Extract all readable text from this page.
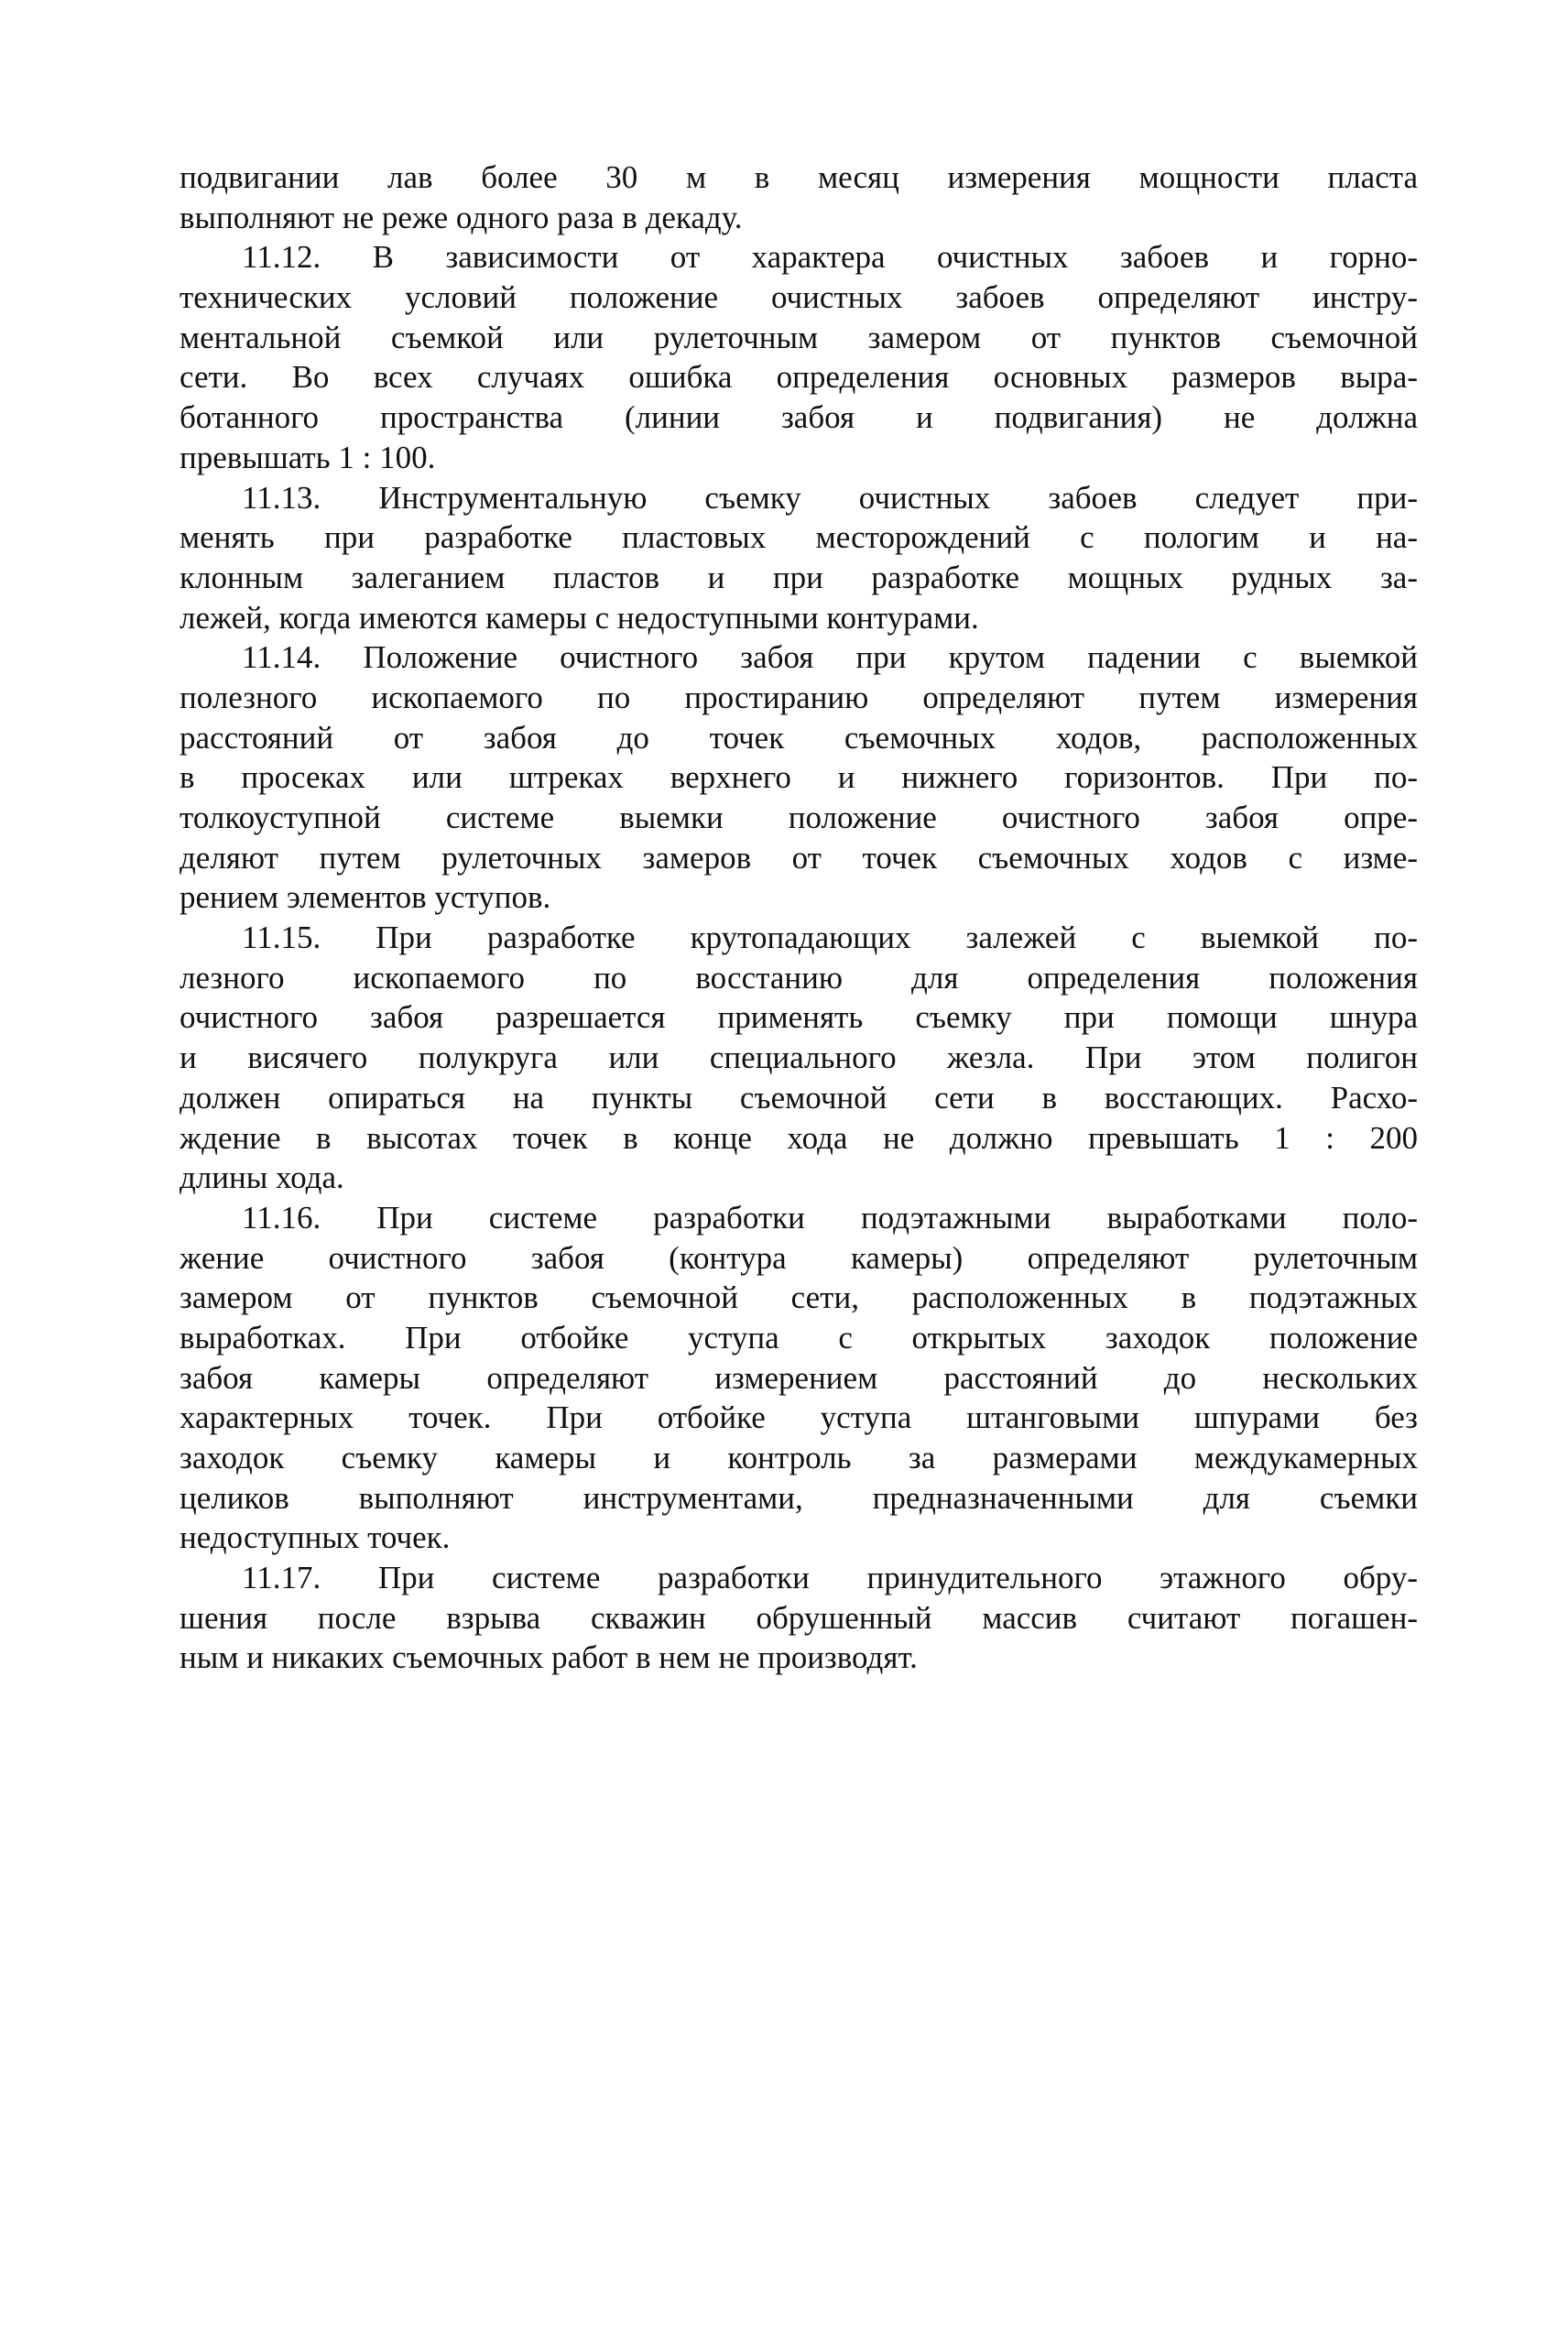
подвигании лав более 30 м в месяц измерения мощности пласта
выполняют не реже одного раза в декаду.
11.12. В зависимости от характера очистных забоев и горно-
технических условий положение очистных забоев определяют инстру-
ментальной съемкой или рулеточным замером от пунктов съемочной
сети. Во всех случаях ошибка определения основных размеров выра-
ботанного пространства (линии забоя и подвигания) не должна
превышать 1 : 100.
11.13. Инструментальную съемку очистных забоев следует при-
менять при разработке пластовых месторождений с пологим и на-
клонным залеганием пластов и при разработке мощных рудных за-
лежей, когда имеются камеры с недоступными контурами.
11.14. Положение очистного забоя при крутом падении с выемкой
полезного ископаемого по простиранию определяют путем измерения
расстояний от забоя до точек съемочных ходов, расположенных
в просеках или штреках верхнего и нижнего горизонтов. При по-
толкоуступной системе выемки положение очистного забоя опре-
деляют путем рулеточных замеров от точек съемочных ходов с изме-
рением элементов уступов.
11.15. При разработке крутопадающих залежей с выемкой по-
лезного ископаемого по восстанию для определения положения
очистного забоя разрешается применять съемку при помощи шнура
и висячего полукруга или специального жезла. При этом полигон
должен опираться на пункты съемочной сети в восстающих. Расхо-
ждение в высотах точек в конце хода не должно превышать 1 : 200
длины хода.
11.16. При системе разработки подэтажными выработками поло-
жение очистного забоя (контура камеры) определяют рулеточным
замером от пунктов съемочной сети, расположенных в подэтажных
выработках. При отбойке уступа с открытых заходок положение
забоя камеры определяют измерением расстояний до нескольких
характерных точек. При отбойке уступа штанговыми шпурами без
заходок съемку камеры и контроль за размерами междукамерных
целиков выполняют инструментами, предназначенными для съемки
недоступных точек.
11.17. При системе разработки принудительного этажного обру-
шения после взрыва скважин обрушенный массив считают погашен-
ным и никаких съемочных работ в нем не производят.
